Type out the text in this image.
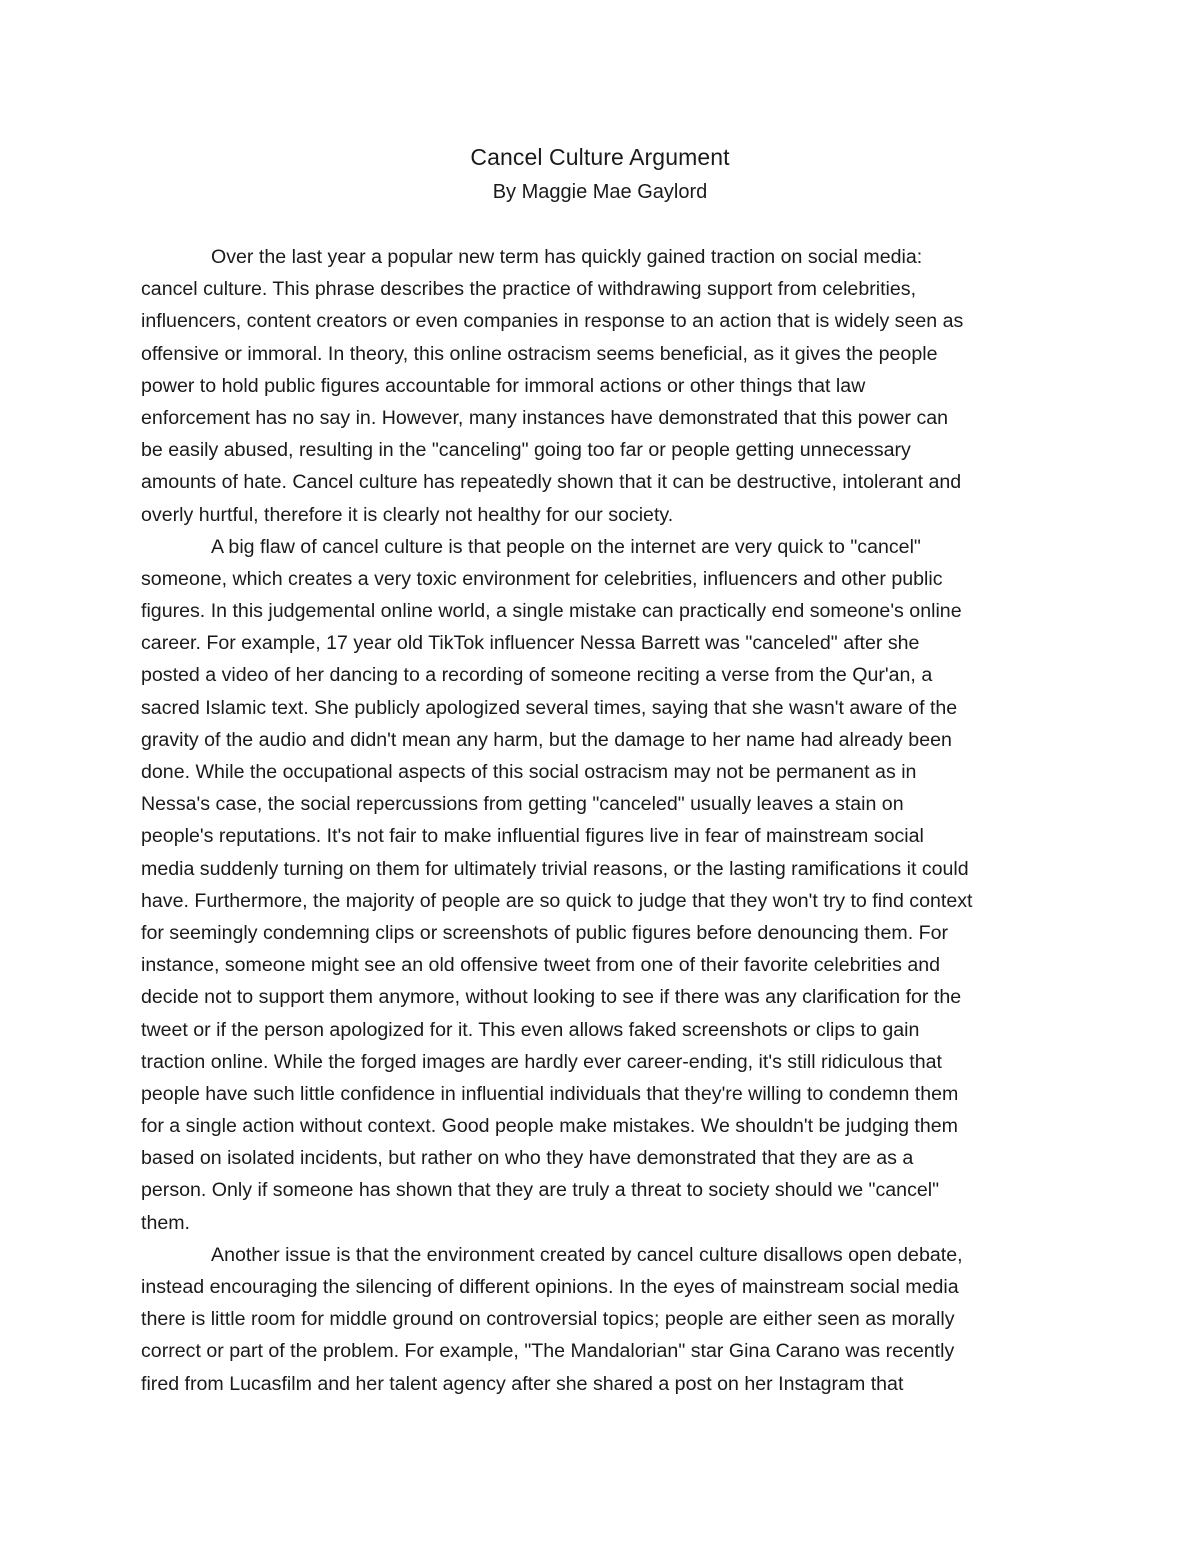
Cancel Culture Argument
By Maggie Mae Gaylord
Over the last year a popular new term has quickly gained traction on social media:
cancel culture. This phrase describes the practice of withdrawing support from celebrities,
influencers, content creators or even companies in response to an action that is widely seen as
offensive or immoral. In theory, this online ostracism seems beneficial, as it gives the people
power to hold public figures accountable for immoral actions or other things that law
enforcement has no say in. However, many instances have demonstrated that this power can
be easily abused, resulting in the "canceling" going too far or people getting unnecessary
amounts of hate. Cancel culture has repeatedly shown that it can be destructive, intolerant and
overly hurtful, therefore it is clearly not healthy for our society.
A big flaw of cancel culture is that people on the internet are very quick to "cancel"
someone, which creates a very toxic environment for celebrities, influencers and other public
figures. In this judgemental online world, a single mistake can practically end someone's online
career. For example, 17 year old TikTok influencer Nessa Barrett was "canceled" after she
posted a video of her dancing to a recording of someone reciting a verse from the Qur'an, a
sacred Islamic text. She publicly apologized several times, saying that she wasn't aware of the
gravity of the audio and didn't mean any harm, but the damage to her name had already been
done. While the occupational aspects of this social ostracism may not be permanent as in
Nessa's case, the social repercussions from getting "canceled" usually leaves a stain on
people's reputations. It's not fair to make influential figures live in fear of mainstream social
media suddenly turning on them for ultimately trivial reasons, or the lasting ramifications it could
have. Furthermore, the majority of people are so quick to judge that they won't try to find context
for seemingly condemning clips or screenshots of public figures before denouncing them. For
instance, someone might see an old offensive tweet from one of their favorite celebrities and
decide not to support them anymore, without looking to see if there was any clarification for the
tweet or if the person apologized for it. This even allows faked screenshots or clips to gain
traction online. While the forged images are hardly ever career-ending, it's still ridiculous that
people have such little confidence in influential individuals that they're willing to condemn them
for a single action without context. Good people make mistakes. We shouldn't be judging them
based on isolated incidents, but rather on who they have demonstrated that they are as a
person. Only if someone has shown that they are truly a threat to society should we "cancel"
them.
Another issue is that the environment created by cancel culture disallows open debate,
instead encouraging the silencing of different opinions. In the eyes of mainstream social media
there is little room for middle ground on controversial topics; people are either seen as morally
correct or part of the problem. For example, "The Mandalorian" star Gina Carano was recently
fired from Lucasfilm and her talent agency after she shared a post on her Instagram that
